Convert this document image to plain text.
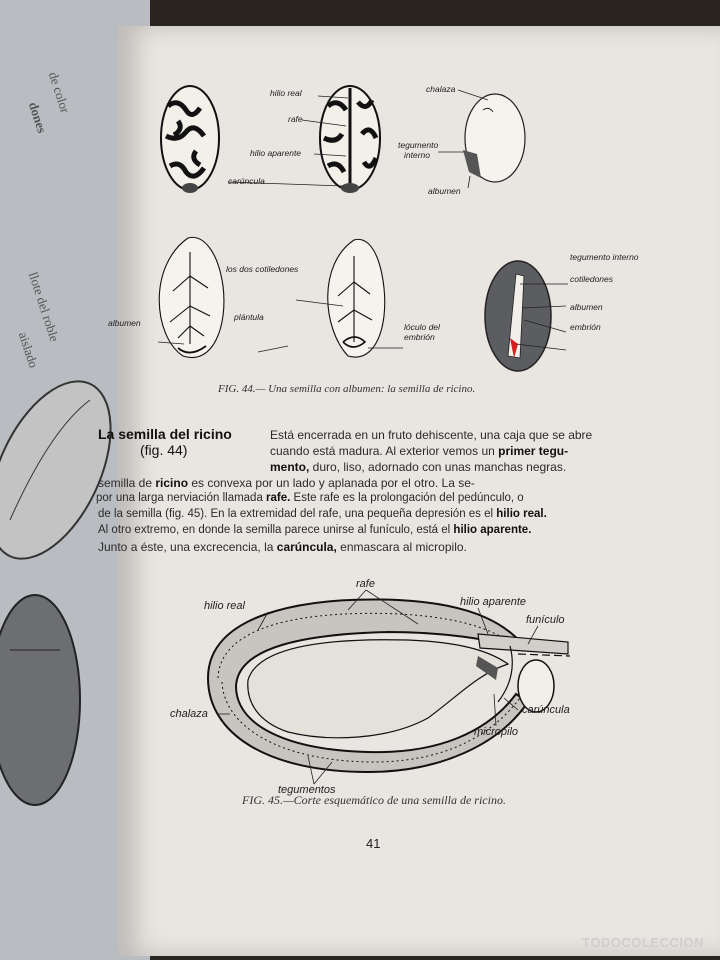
de color
dones
llote del roble
aislado
hilio real
rafe
hilio aparente
carúncula
chalaza
tegumento
interno
albumen
los dos cotiledones
albumen
plántula
lóculo del
embrión
tegumento interno
cotiledones
albumen
embrión
FIG. 44.— Una semilla con albumen: la semilla de ricino.
La semilla del ricino
(fig. 44)
Está encerrada en un fruto dehiscente, una caja que se abre
cuando está madura. Al exterior vemos un primer tegu-
mento, duro, liso, adornado con unas manchas negras.
semilla de ricino es convexa por un lado y aplanada por el otro. La se-
por una larga nerviación llamada rafe. Este rafe es la prolongación del pedúnculo, o
de la semilla (fig. 45). En la extremidad del rafe, una pequeña depresión es el hilio real.
Al otro extremo, en donde la semilla parece unirse al funículo, está el hilio aparente.
Junto a éste, una excrecencia, la carúncula, enmascara al micropilo.
hilio real
rafe
hilio aparente
funículo
chalaza	carúncula
micropilo
tegumentos
FIG. 45.—Corte esquemático de una semilla de ricino.
41
TODOCOLECCION
